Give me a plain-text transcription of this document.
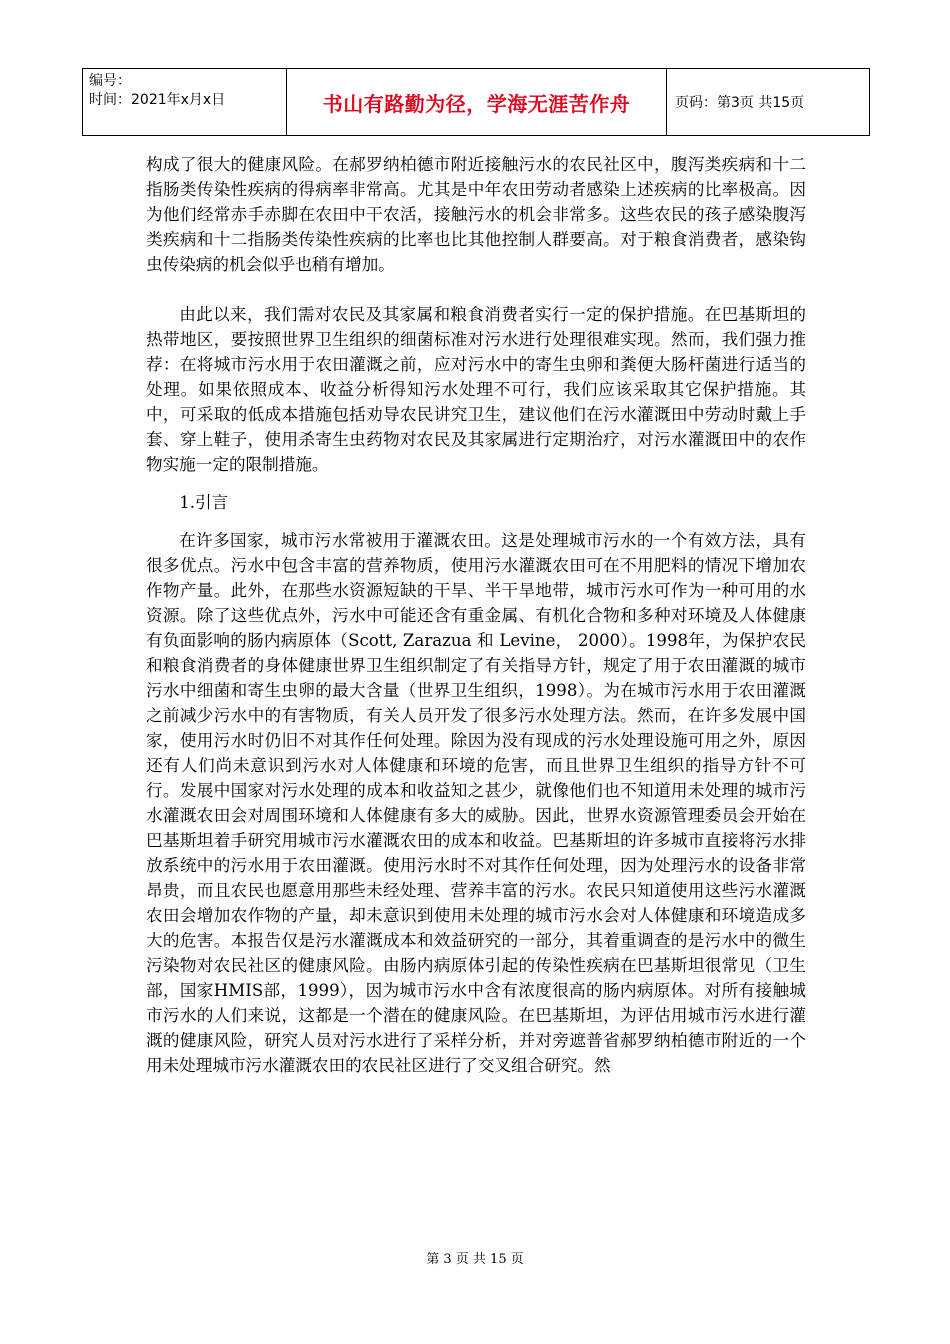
编号：
时间：2021年x月x日	书山有路勤为径，学海无涯苦作舟	页码：第3页 共15页

构成了很大的健康风险。在郝罗纳柏德市附近接触污水的农民社区中，腹泻类疾病和十二指肠类传染性疾病的得病率非常高。尤其是中年农田劳动者感染上述疾病的比率极高。因为他们经常赤手赤脚在农田中干农活，接触污水的机会非常多。这些农民的孩子感染腹泻类疾病和十二指肠类传染性疾病的比率也比其他控制人群要高。对于粮食消费者，感染钩虫传染病的机会似乎也稍有增加。

由此以来，我们需对农民及其家属和粮食消费者实行一定的保护措施。在巴基斯坦的热带地区，要按照世界卫生组织的细菌标准对污水进行处理很难实现。然而，我们强力推荐：在将城市污水用于农田灌溉之前，应对污水中的寄生虫卵和粪便大肠杆菌进行适当的处理。如果依照成本、收益分析得知污水处理不可行，我们应该采取其它保护措施。其中，可采取的低成本措施包括劝导农民讲究卫生，建议他们在污水灌溉田中劳动时戴上手套、穿上鞋子，使用杀寄生虫药物对农民及其家属进行定期治疗，对污水灌溉田中的农作物实施一定的限制措施。

1.引言

在许多国家，城市污水常被用于灌溉农田。这是处理城市污水的一个有效方法，具有很多优点。污水中包含丰富的营养物质，使用污水灌溉农田可在不用肥料的情况下增加农作物产量。此外，在那些水资源短缺的干旱、半干旱地带，城市污水可作为一种可用的水资源。除了这些优点外，污水中可能还含有重金属、有机化合物和多种对环境及人体健康有负面影响的肠内病原体（Scott, Zarazua 和 Levine， 2000）。1998年，为保护农民和粮食消费者的身体健康世界卫生组织制定了有关指导方针，规定了用于农田灌溉的城市污水中细菌和寄生虫卵的最大含量（世界卫生组织，1998）。为在城市污水用于农田灌溉之前减少污水中的有害物质，有关人员开发了很多污水处理方法。然而，在许多发展中国家，使用污水时仍旧不对其作任何处理。除因为没有现成的污水处理设施可用之外，原因还有人们尚未意识到污水对人体健康和环境的危害，而且世界卫生组织的指导方针不可行。发展中国家对污水处理的成本和收益知之甚少，就像他们也不知道用未处理的城市污水灌溉农田会对周围环境和人体健康有多大的威胁。因此，世界水资源管理委员会开始在巴基斯坦着手研究用城市污水灌溉农田的成本和收益。巴基斯坦的许多城市直接将污水排放系统中的污水用于农田灌溉。使用污水时不对其作任何处理，因为处理污水的设备非常昂贵，而且农民也愿意用那些未经处理、营养丰富的污水。农民只知道使用这些污水灌溉农田会增加农作物的产量，却未意识到使用未处理的城市污水会对人体健康和环境造成多大的危害。本报告仅是污水灌溉成本和效益研究的一部分，其着重调查的是污水中的微生污染物对农民社区的健康风险。由肠内病原体引起的传染性疾病在巴基斯坦很常见（卫生部，国家HMIS部，1999），因为城市污水中含有浓度很高的肠内病原体。对所有接触城市污水的人们来说，这都是一个潜在的健康风险。在巴基斯坦，为评估用城市污水进行灌溉的健康风险，研究人员对污水进行了采样分析，并对旁遮普省郝罗纳柏德市附近的一个用未处理城市污水灌溉农田的农民社区进行了交叉组合研究。然

第 3 页 共 15 页
